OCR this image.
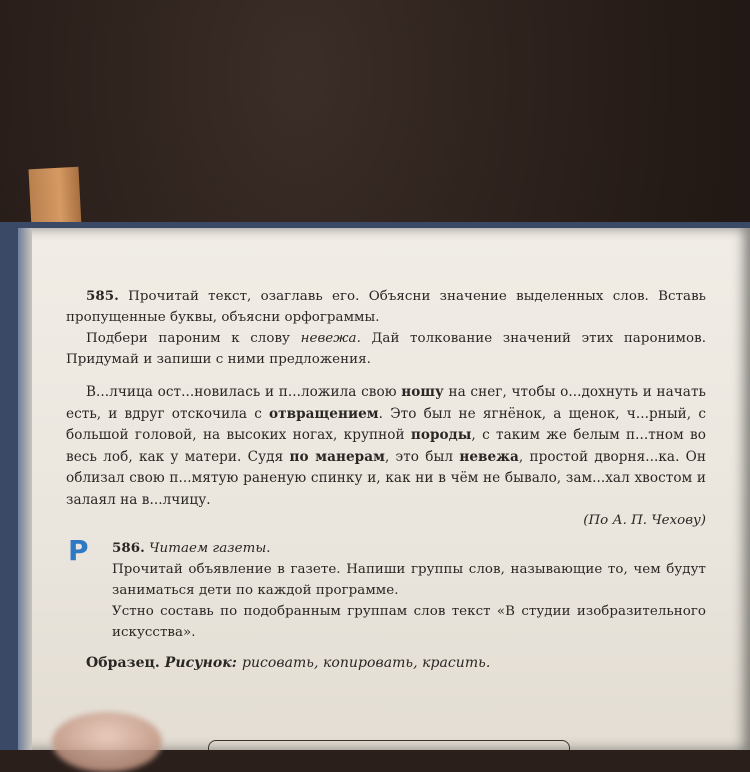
585. Прочитай текст, озаглавь его. Объясни значение выделенных слов. Вставь пропущенные буквы, объясни орфограммы.

Подбери пароним к слову невежа. Дай толкование значений этих паронимов. Придумай и запиши с ними предложения.

В...лчица ост...новилась и п...ложила свою ношу на снег, чтобы о...дохнуть и начать есть, и вдруг отскочила с отвращением. Это был не ягнёнок, а щенок, ч...рный, с большой головой, на высоких ногах, крупной породы, с таким же белым п...тном во весь лоб, как у матери. Судя по манерам, это был невежа, простой дворня...ка. Он облизал свою п...мятую раненую спинку и, как ни в чём не бывало, зам...хал хвостом и залаял на в...лчицу.

(По А. П. Чехову)
Р 586. Читаем газеты.

Прочитай объявление в газете. Напиши группы слов, называющие то, чем будут заниматься дети по каждой программе.

Устно составь по подобранным группам слов текст «В студии изобразительного искусства».

Образец. Рисунок: рисовать, копировать, красить.
